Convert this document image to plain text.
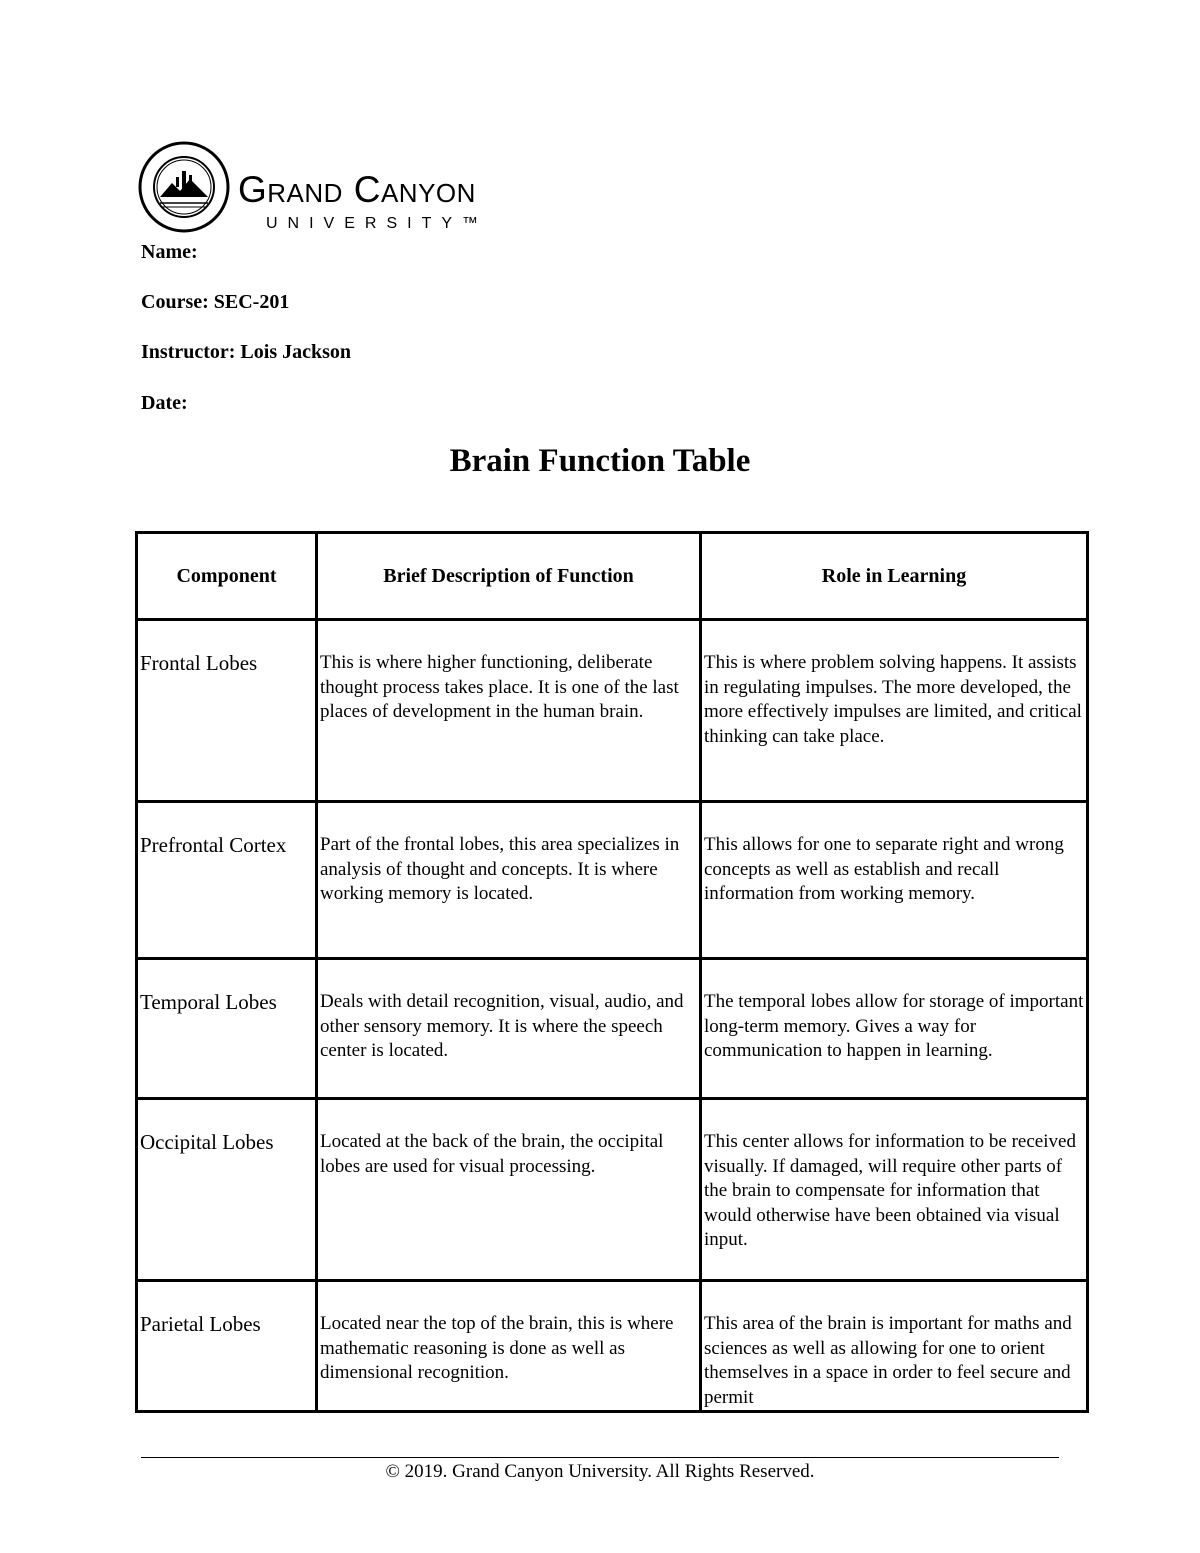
Grand Canyon
UNIVERSITY™
Name:
Course: SEC-201
Instructor: Lois Jackson
Date:
Brain Function Table
Component	Brief Description of Function	Role in Learning
Frontal Lobes	This is where higher functioning, deliberate thought process takes place. It is one of the last places of development in the human brain.	This is where problem solving happens. It assists in regulating impulses. The more developed, the more effectively impulses are limited, and critical thinking can take place.
Prefrontal Cortex	Part of the frontal lobes, this area specializes in analysis of thought and concepts. It is where working memory is located.	This allows for one to separate right and wrong concepts as well as establish and recall information from working memory.
Temporal Lobes	Deals with detail recognition, visual, audio, and other sensory memory. It is where the speech center is located.	The temporal lobes allow for storage of important long-term memory. Gives a way for communication to happen in learning.
Occipital Lobes	Located at the back of the brain, the occipital lobes are used for visual processing.	This center allows for information to be received visually. If damaged, will require other parts of the brain to compensate for information that would otherwise have been obtained via visual input.
Parietal Lobes	Located near the top of the brain, this is where mathematic reasoning is done as well as dimensional recognition.	This area of the brain is important for maths and sciences as well as allowing for one to orient themselves in a space in order to feel secure and permit
© 2019. Grand Canyon University. All Rights Reserved.
